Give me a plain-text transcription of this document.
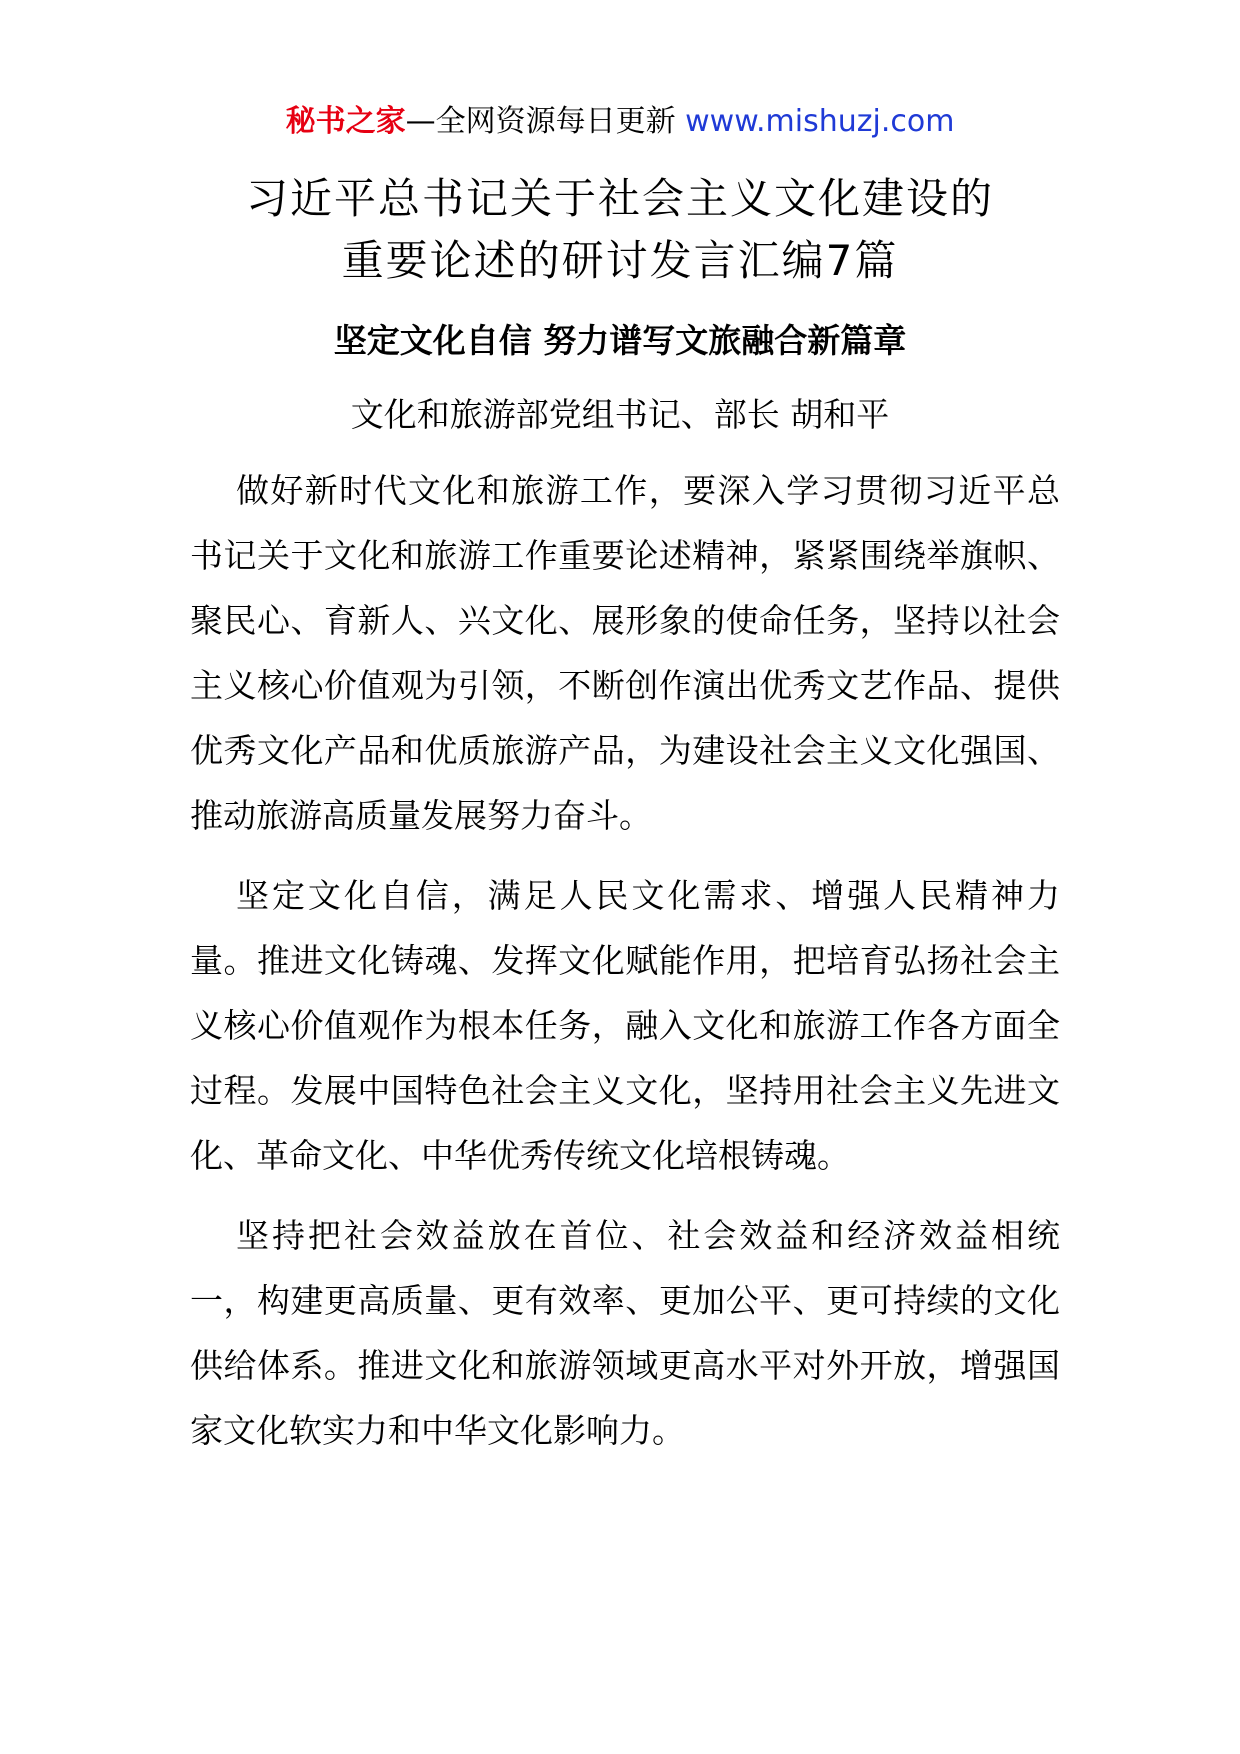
秘书之家—全网资源每日更新 www.mishuzj.com
习近平总书记关于社会主义文化建设的
重要论述的研讨发言汇编7篇
坚定文化自信 努力谱写文旅融合新篇章
文化和旅游部党组书记、部长 胡和平

做好新时代文化和旅游工作，要深入学习贯彻习近平总书记关于文化和旅游工作重要论述精神，紧紧围绕举旗帜、聚民心、育新人、兴文化、展形象的使命任务，坚持以社会主义核心价值观为引领，不断创作演出优秀文艺作品、提供优秀文化产品和优质旅游产品，为建设社会主义文化强国、推动旅游高质量发展努力奋斗。

坚定文化自信，满足人民文化需求、增强人民精神力量。推进文化铸魂、发挥文化赋能作用，把培育弘扬社会主义核心价值观作为根本任务，融入文化和旅游工作各方面全过程。发展中国特色社会主义文化，坚持用社会主义先进文化、革命文化、中华优秀传统文化培根铸魂。

坚持把社会效益放在首位、社会效益和经济效益相统一，构建更高质量、更有效率、更加公平、更可持续的文化供给体系。推进文化和旅游领域更高水平对外开放，增强国家文化软实力和中华文化影响力。
